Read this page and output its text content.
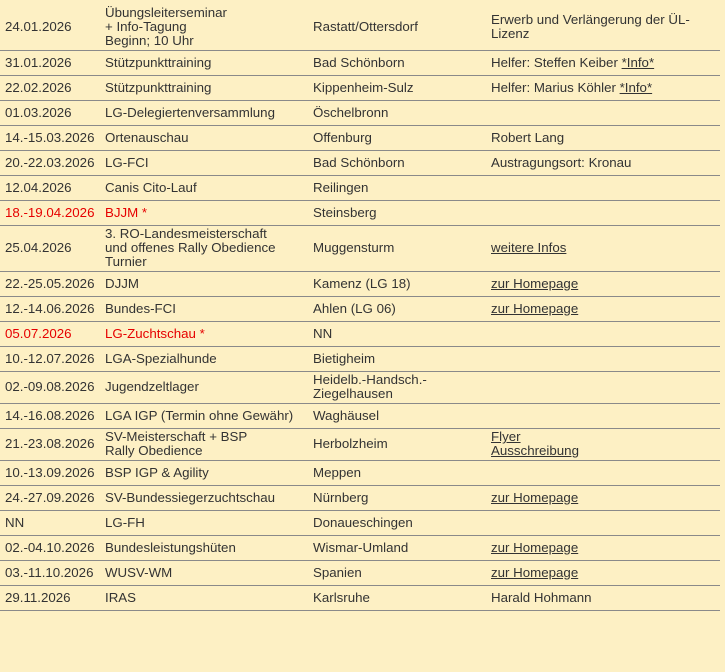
24.01.2026	Übungsleiterseminar
+ Info-Tagung
Beginn; 10 Uhr	Rastatt/Ottersdorf	Erwerb und Verlängerung der ÜL-Lizenz
31.01.2026	Stützpunkttraining	Bad Schönborn	Helfer: Steffen Keiber *Info*
22.02.2026	Stützpunkttraining	Kippenheim-Sulz	Helfer: Marius Köhler *Info*
01.03.2026	LG-Delegiertenversammlung	Öschelbronn	

14.-15.03.2026	Ortenauschau	Offenburg	Robert Lang
20.-22.03.2026	LG-FCI	Bad Schönborn	Austragungsort: Kronau
12.04.2026	Canis Cito-Lauf	Reilingen	

18.-19.04.2026	BJJM *	Steinsberg	

25.04.2026	3. RO-Landesmeisterschaft
und offenes Rally Obedience
Turnier	Muggensturm	weitere Infos
22.-25.05.2026	DJJM	Kamenz (LG 18)	zur Homepage
12.-14.06.2026	Bundes-FCI	Ahlen (LG 06)	zur Homepage
05.07.2026	LG-Zuchtschau *	NN	

10.-12.07.2026	LGA-Spezialhunde	Bietigheim	

02.-09.08.2026	Jugendzeltlager	Heidelb.-Handsch.-
Ziegelhausen	

14.-16.08.2026	LGA IGP (Termin ohne Gewähr)	Waghäusel	

21.-23.08.2026	SV-Meisterschaft + BSP
Rally Obedience	Herbolzheim	Flyer
Ausschreibung

10.-13.09.2026	BSP IGP & Agility	Meppen	

24.-27.09.2026	SV-Bundessiegerzuchtschau	Nürnberg	zur Homepage
NN	LG-FH	Donaueschingen	

02.-04.10.2026	Bundesleistungshüten	Wismar-Umland	zur Homepage
03.-11.10.2026	WUSV-WM	Spanien	zur Homepage
29.11.2026	IRAS	Karlsruhe	Harald Hohmann
